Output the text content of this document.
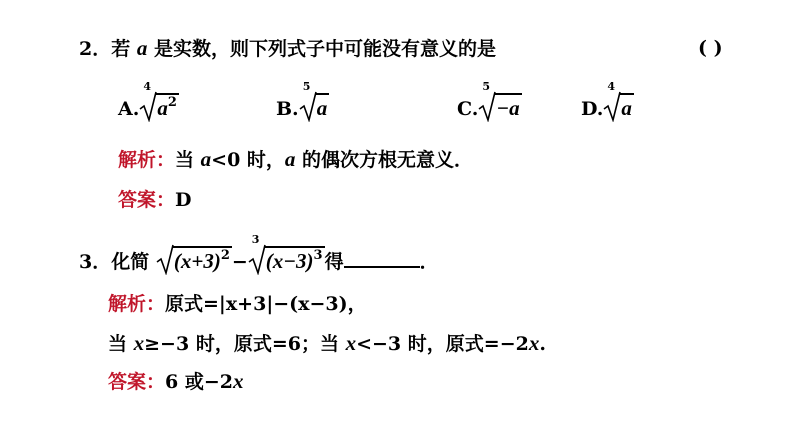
2．若 a 是实数，则下列式子中可能没有意义的是	( )
A.
4
$a^2$	B.
5
a	C.
5
−a	D.
4
a
解析：当 a<0 时，a 的偶次方根无意义．
答案：D
3．化简 $(x+3)^2$ −
3
$(x-3)^3$ 得	．
解析：原式=|x+3|−(x−3)，
当 x≥−3 时，原式=6；当 x<−3 时，原式=−2x.
答案：6 或−2x
